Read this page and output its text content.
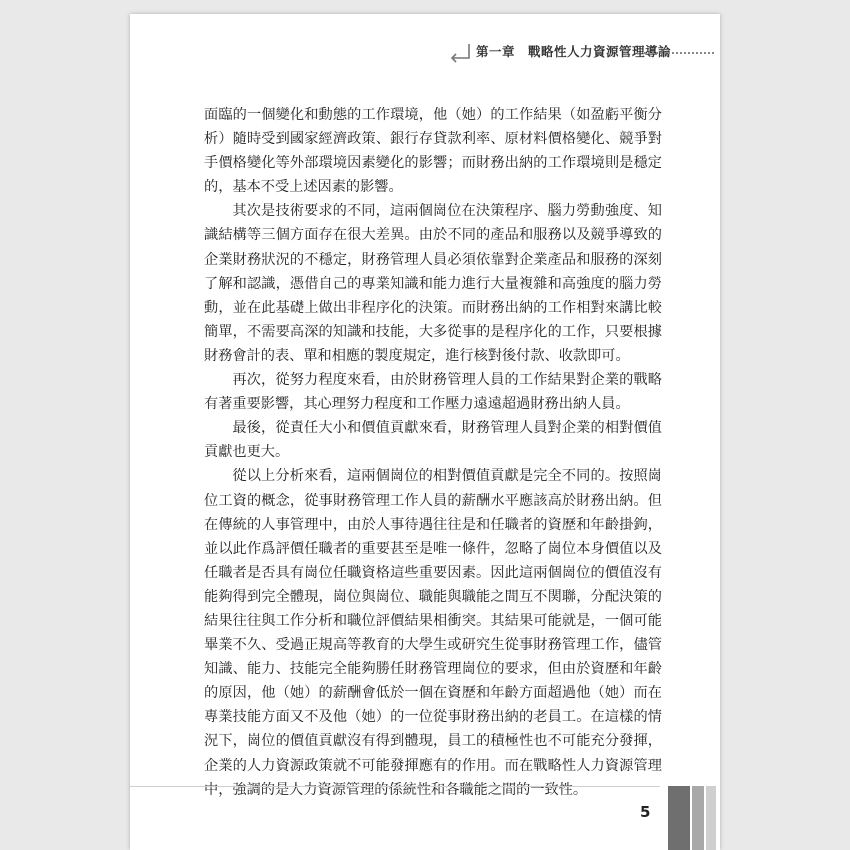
第一章　戰略性人力資源管理導論

面臨的一個變化和動態的工作環境，他（她）的工作結果（如盈虧平衡分析）隨時受到國家經濟政策、銀行存貸款利率、原材料價格變化、競爭對手價格變化等外部環境因素變化的影響；而財務出納的工作環境則是穩定的，基本不受上述因素的影響。

其次是技術要求的不同，這兩個崗位在決策程序、腦力勞動強度、知識結構等三個方面存在很大差異。由於不同的產品和服務以及競爭導致的企業財務狀況的不穩定，財務管理人員必須依靠對企業產品和服務的深刻了解和認識，憑借自己的專業知識和能力進行大量複雜和高強度的腦力勞動，並在此基礎上做出非程序化的決策。而財務出納的工作相對來講比較簡單，不需要高深的知識和技能，大多從事的是程序化的工作，只要根據財務會計的表、單和相應的製度規定，進行核對後付款、收款即可。

再次，從努力程度來看，由於財務管理人員的工作結果對企業的戰略有著重要影響，其心理努力程度和工作壓力遠遠超過財務出納人員。

最後，從責任大小和價值貢獻來看，財務管理人員對企業的相對價值貢獻也更大。

從以上分析來看，這兩個崗位的相對價值貢獻是完全不同的。按照崗位工資的概念，從事財務管理工作人員的薪酬水平應該高於財務出納。但在傳統的人事管理中，由於人事待遇往往是和任職者的資歷和年齡掛鉤，並以此作爲評價任職者的重要甚至是唯一條件，忽略了崗位本身價值以及任職者是否具有崗位任職資格這些重要因素。因此這兩個崗位的價值沒有能夠得到完全體現，崗位與崗位、職能與職能之間互不関聯，分配決策的結果往往與工作分析和職位評價結果相衝突。其結果可能就是，一個可能畢業不久、受過正規高等教育的大學生或研究生從事財務管理工作，儘管知識、能力、技能完全能夠勝任財務管理崗位的要求，但由於資歷和年齡的原因，他（她）的薪酬會低於一個在資歷和年齡方面超過他（她）而在專業技能方面又不及他（她）的一位從事財務出納的老員工。在這樣的情況下，崗位的價值貢獻沒有得到體現，員工的積極性也不可能充分發揮，企業的人力資源政策就不可能發揮應有的作用。而在戰略性人力資源管理中，強調的是人力資源管理的係統性和各職能之間的一致性。

5
